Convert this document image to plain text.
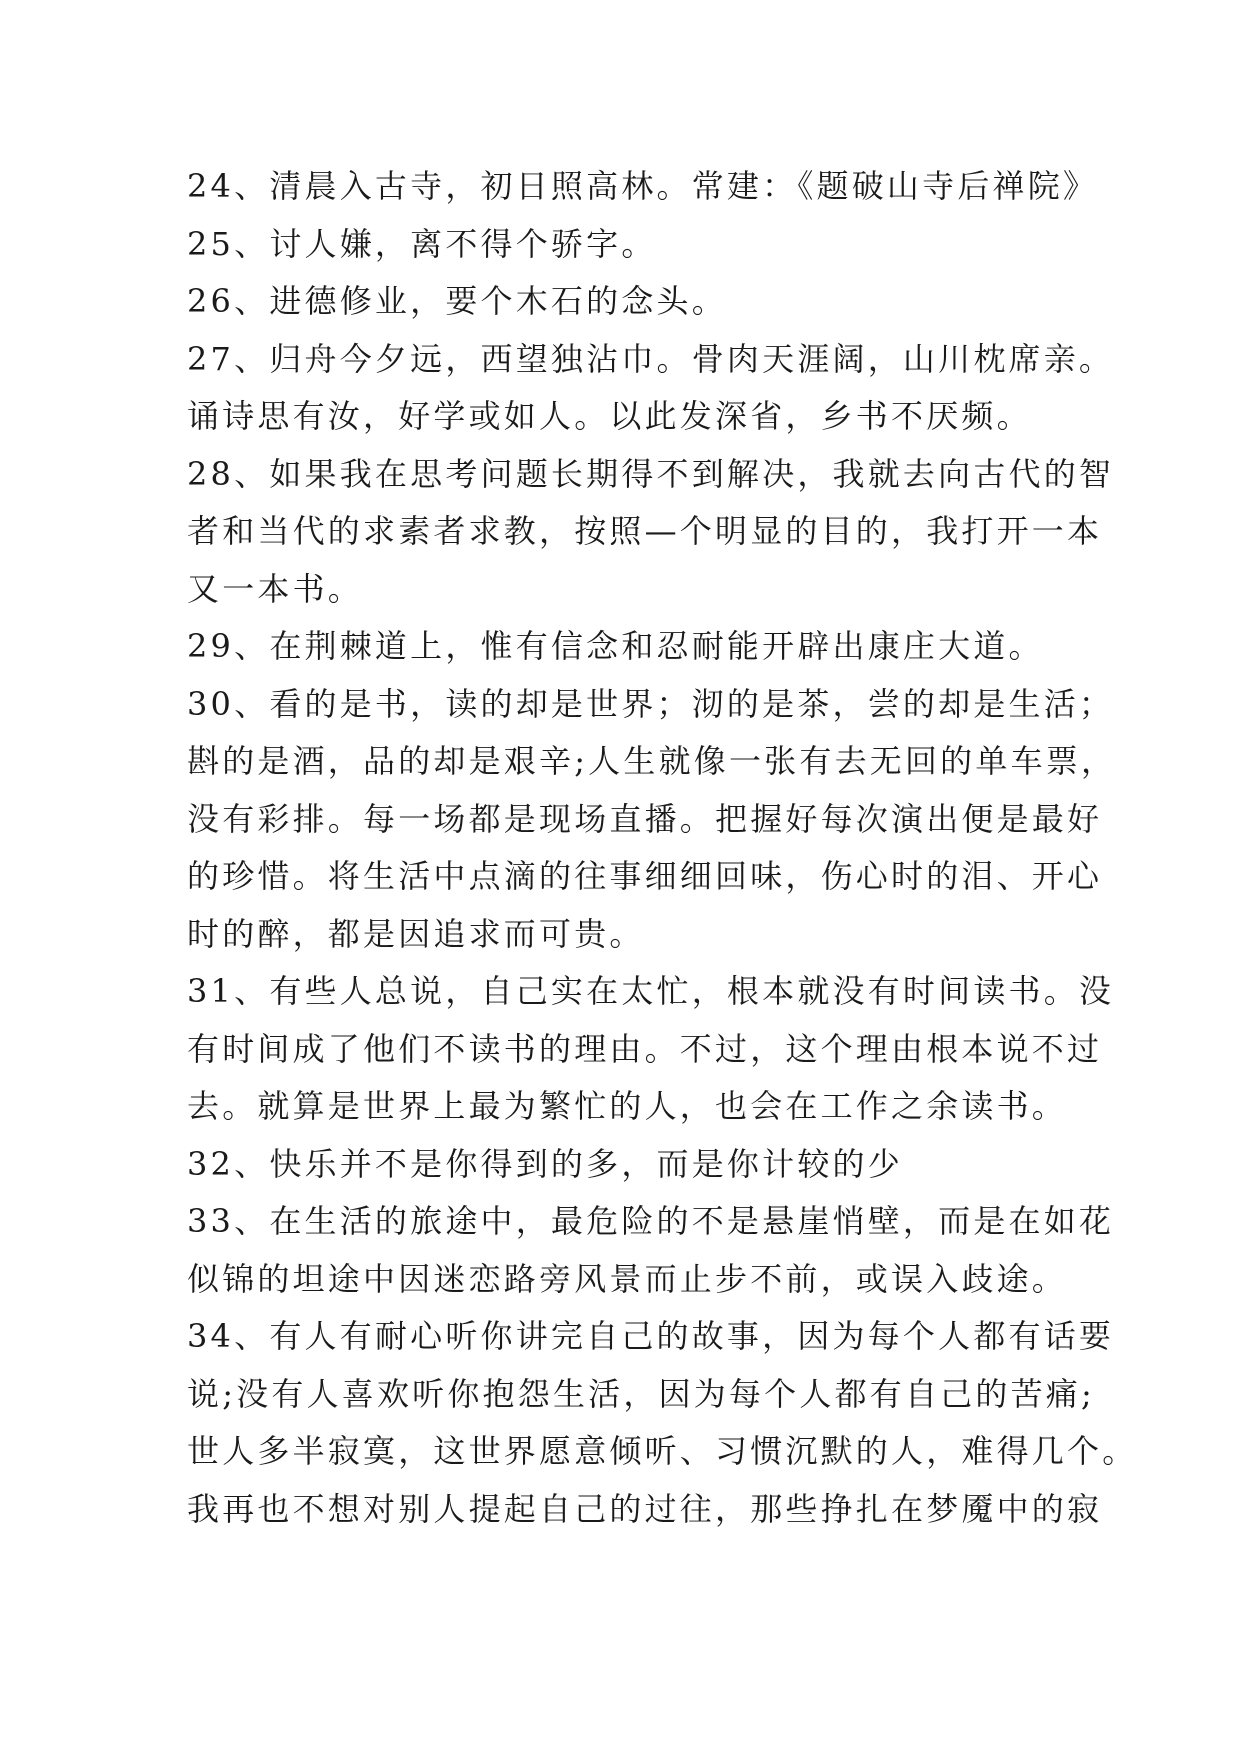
24、清晨入古寺，初日照高林。常建：《题破山寺后禅院》
25、讨人嫌，离不得个骄字。
26、进德修业，要个木石的念头。
27、归舟今夕远，西望独沾巾。骨肉天涯阔，山川枕席亲。
诵诗思有汝，好学或如人。以此发深省，乡书不厌频。
28、如果我在思考问题长期得不到解决，我就去向古代的智
者和当代的求素者求教，按照—个明显的目的，我打开一本
又一本书。
29、在荆棘道上，惟有信念和忍耐能开辟出康庄大道。
30、看的是书，读的却是世界；沏的是茶，尝的却是生活；
斟的是酒，品的却是艰辛;人生就像一张有去无回的单车票，
没有彩排。每一场都是现场直播。把握好每次演出便是最好
的珍惜。将生活中点滴的往事细细回味，伤心时的泪、开心
时的醉，都是因追求而可贵。
31、有些人总说，自己实在太忙，根本就没有时间读书。没
有时间成了他们不读书的理由。不过，这个理由根本说不过
去。就算是世界上最为繁忙的人，也会在工作之余读书。
32、快乐并不是你得到的多，而是你计较的少
33、在生活的旅途中，最危险的不是悬崖悄壁，而是在如花
似锦的坦途中因迷恋路旁风景而止步不前，或误入歧途。
34、有人有耐心听你讲完自己的故事，因为每个人都有话要
说;没有人喜欢听你抱怨生活，因为每个人都有自己的苦痛;
世人多半寂寞，这世界愿意倾听、习惯沉默的人，难得几个。
我再也不想对别人提起自己的过往，那些挣扎在梦魇中的寂
